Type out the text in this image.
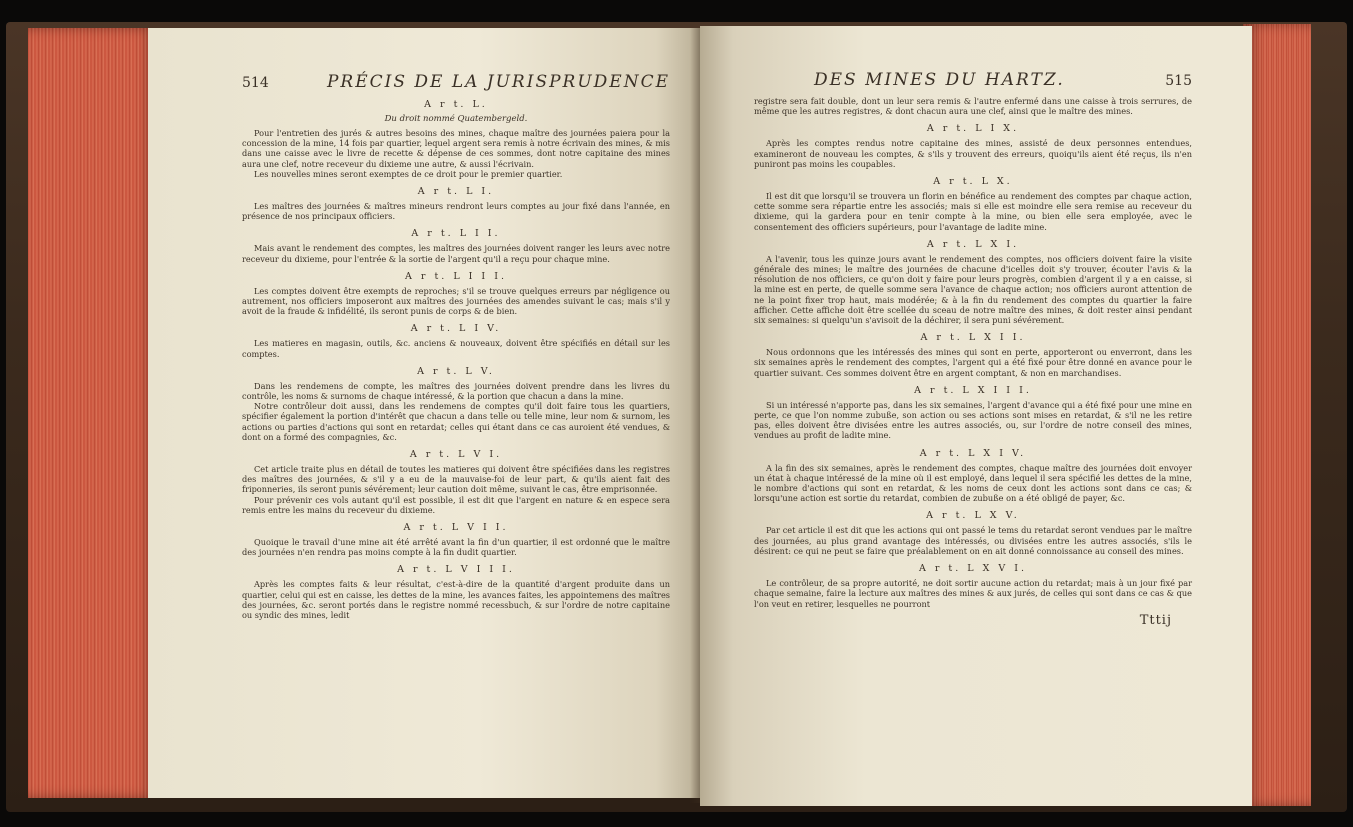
514	PRÉCIS DE LA JURISPRUDENCE
A r t. L.
Du droit nommé Quatembergeld.

Pour l'entretien des jurés & autres besoins des mines, chaque maître des journées paiera pour la concession de la mine, 14 fois par quartier, lequel argent sera remis à notre écrivain des mines, & mis dans une caisse avec le livre de recette & dépense de ces sommes, dont notre capitaine des mines aura une clef, notre receveur du dixieme une autre, & aussi l'écrivain.

Les nouvelles mines seront exemptes de ce droit pour le premier quartier.

A r t. L I.

Les maîtres des journées & maîtres mineurs rendront leurs comptes au jour fixé dans l'année, en présence de nos principaux officiers.

A r t. L I I.

Mais avant le rendement des comptes, les maîtres des journées doivent ranger les leurs avec notre receveur du dixieme, pour l'entrée & la sortie de l'argent qu'il a reçu pour chaque mine.

A r t. L I I I.

Les comptes doivent être exempts de reproches; s'il se trouve quelques erreurs par négligence ou autrement, nos officiers imposeront aux maîtres des journées des amendes suivant le cas; mais s'il y avoit de la fraude & infidélité, ils seront punis de corps & de bien.

A r t. L I V.

Les matieres en magasin, outils, &c. anciens & nouveaux, doivent être spécifiés en détail sur les comptes.

A r t. L V.

Dans les rendemens de compte, les maîtres des journées doivent prendre dans les livres du contrôle, les noms & surnoms de chaque intéressé, & la portion que chacun a dans la mine.

Notre contrôleur doit aussi, dans les rendemens de comptes qu'il doit faire tous les quartiers, spécifier également la portion d'intérêt que chacun a dans telle ou telle mine, leur nom & surnom, les actions ou parties d'actions qui sont en retardat; celles qui étant dans ce cas auroient été vendues, & dont on a formé des compagnies, &c.

A r t. L V I.

Cet article traite plus en détail de toutes les matieres qui doivent être spécifiées dans les registres des maîtres des journées, & s'il y a eu de la mauvaise-foi de leur part, & qu'ils aient fait des friponneries, ils seront punis sévérement; leur caution doit même, suivant le cas, être emprisonnée.

Pour prévenir ces vols autant qu'il est possible, il est dit que l'argent en nature & en espece sera remis entre les mains du receveur du dixieme.

A r t. L V I I.

Quoique le travail d'une mine ait été arrêté avant la fin d'un quartier, il est ordonné que le maître des journées n'en rendra pas moins compte à la fin dudit quartier.

A r t. L V I I I.

Après les comptes faits & leur résultat, c'est-à-dire de la quantité d'argent produite dans un quartier, celui qui est en caisse, les dettes de la mine, les avances faites, les appointemens des maîtres des journées, &c. seront portés dans le registre nommé recessbuch, & sur l'ordre de notre capitaine ou syndic des mines, ledit

DES MINES DU HARTZ.	515

registre sera fait double, dont un leur sera remis & l'autre enfermé dans une caisse à trois serrures, de même que les autres registres, & dont chacun aura une clef, ainsi que le maître des mines.

A r t. L I X.

Après les comptes rendus notre capitaine des mines, assisté de deux personnes entendues, examineront de nouveau les comptes, & s'ils y trouvent des erreurs, quoiqu'ils aient été reçus, ils n'en puniront pas moins les coupables.

A r t. L X.

Il est dit que lorsqu'il se trouvera un florin en bénéfice au rendement des comptes par chaque action, cette somme sera répartie entre les associés; mais si elle est moindre elle sera remise au receveur du dixieme, qui la gardera pour en tenir compte à la mine, ou bien elle sera employée, avec le consentement des officiers supérieurs, pour l'avantage de ladite mine.

A r t. L X I.

A l'avenir, tous les quinze jours avant le rendement des comptes, nos officiers doivent faire la visite générale des mines; le maître des journées de chacune d'icelles doit s'y trouver, écouter l'avis & la résolution de nos officiers, ce qu'on doit y faire pour leurs progrès, combien d'argent il y a en caisse, si la mine est en perte, de quelle somme sera l'avance de chaque action; nos officiers auront attention de ne la point fixer trop haut, mais modérée; & à la fin du rendement des comptes du quartier la faire afficher. Cette affiche doit être scellée du sceau de notre maître des mines, & doit rester ainsi pendant six semaines: si quelqu'un s'avisoit de la déchirer, il sera puni sévérement.

A r t. L X I I.

Nous ordonnons que les intéressés des mines qui sont en perte, apporteront ou enverront, dans les six semaines après le rendement des comptes, l'argent qui a été fixé pour être donné en avance pour le quartier suivant. Ces sommes doivent être en argent comptant, & non en marchandises.

A r t. L X I I I.

Si un intéressé n'apporte pas, dans les six semaines, l'argent d'avance qui a été fixé pour une mine en perte, ce que l'on nomme zubuße, son action ou ses actions sont mises en retardat, & s'il ne les retire pas, elles doivent être divisées entre les autres associés, ou, sur l'ordre de notre conseil des mines, vendues au profit de ladite mine.

A r t. L X I V.

A la fin des six semaines, après le rendement des comptes, chaque maître des journées doit envoyer un état à chaque intéressé de la mine où il est employé, dans lequel il sera spécifié les dettes de la mine, le nombre d'actions qui sont en retardat, & les noms de ceux dont les actions sont dans ce cas; & lorsqu'une action est sortie du retardat, combien de zubuße on a été obligé de payer, &c.

A r t. L X V.

Par cet article il est dit que les actions qui ont passé le tems du retardat seront vendues par le maître des journées, au plus grand avantage des intéressés, ou divisées entre les autres associés, s'ils le désirent: ce qui ne peut se faire que préalablement on en ait donné connoissance au conseil des mines.

A r t. L X V I.

Le contrôleur, de sa propre autorité, ne doit sortir aucune action du retardat; mais à un jour fixé par chaque semaine, faire la lecture aux maîtres des mines & aux jurés, de celles qui sont dans ce cas & que l'on veut en retirer, lesquelles ne pourront

Tttij
